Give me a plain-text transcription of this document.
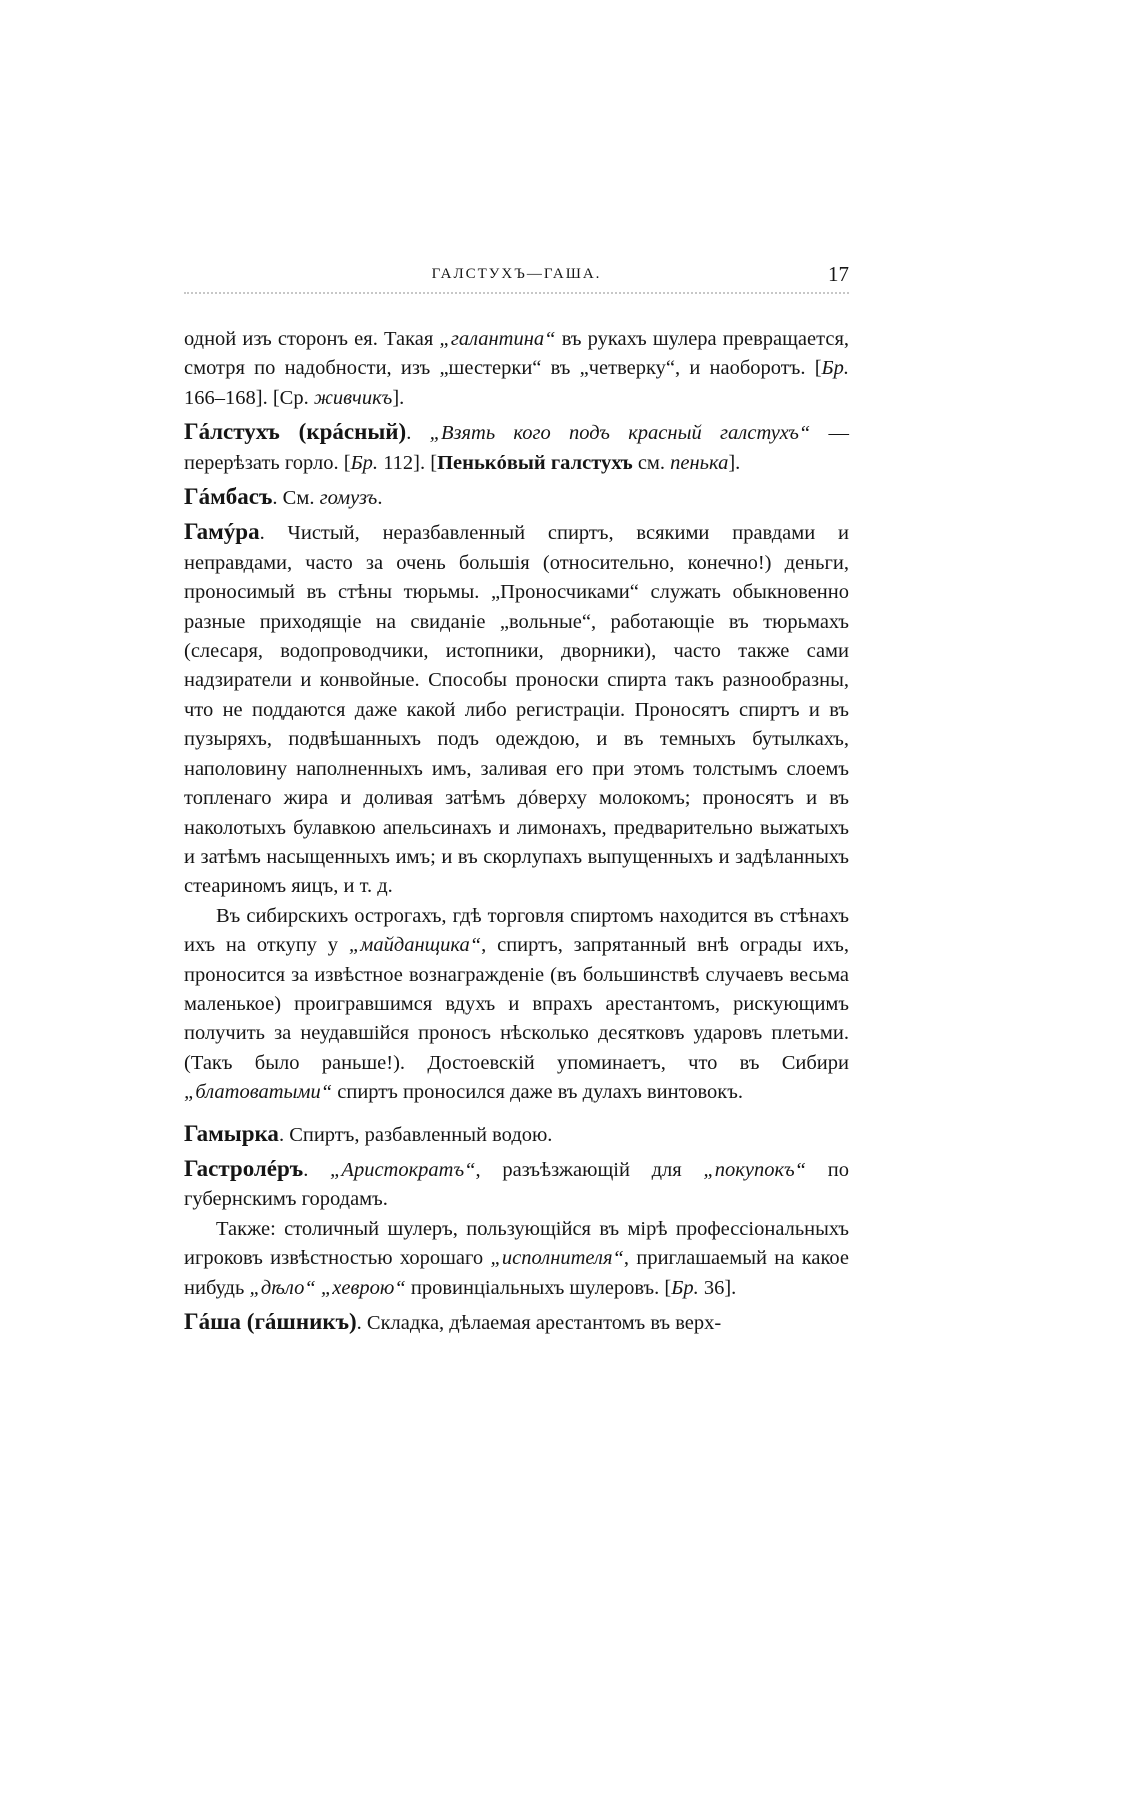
ГАЛСТУХЪ—ГАША.	17

одной изъ сторонъ ея. Такая „галантина“ въ рукахъ шулера превращается, смотря по надобности, изъ „шестерки“ въ „четверку“, и наоборотъ. [Бр. 166–168]. [Ср. живчикъ].

Гáлстухъ (крáсный). „Взять кого подъ красный галстухъ“ — перерѣзать горло. [Бр. 112]. [Пенькóвый галстухъ см. пенька].

Гáмбасъ. См. гомузъ.

Гамýра. Чистый, неразбавленный спиртъ, всякими правдами и неправдами, часто за очень большія (относительно, конечно!) деньги, проносимый въ стѣны тюрьмы. „Проносчиками“ служать обыкновенно разные приходящіе на свиданіе „вольные“, работающіе въ тюрьмахъ (слесаря, водопроводчики, истопники, дворники), часто также сами надзиратели и конвойные. Способы проноски спирта такъ разнообразны, что не поддаются даже какой либо регистраціи. Проносятъ спиртъ и въ пузыряхъ, подвѣшанныхъ подъ одеждою, и въ темныхъ бутылкахъ, наполовину наполненныхъ имъ, заливая его при этомъ толстымъ слоемъ топленаго жира и доливая затѣмъ дóверху молокомъ; проносятъ и въ наколотыхъ булавкою апельсинахъ и лимонахъ, предварительно выжатыхъ и затѣмъ насыщенныхъ имъ; и въ скорлупахъ выпущенныхъ и задѣланныхъ стеариномъ яицъ, и т. д.

Въ сибирскихъ острогахъ, гдѣ торговля спиртомъ находится въ стѣнахъ ихъ на откупу у „майданщика“, спиртъ, запрятанный внѣ ограды ихъ, проносится за извѣстное вознагражденіе (въ большинствѣ случаевъ весьма маленькое) проигравшимся вдухъ и впрахъ арестантомъ, рискующимъ получить за неудавшійся проносъ нѣсколько десятковъ ударовъ плетьми. (Такъ было раньше!). Достоевскій упоминаетъ, что въ Сибири „блатоватыми“ спиртъ проносился даже въ дулахъ винтовокъ.

Гамырка. Спиртъ, разбавленный водою.

Гастролéръ. „Аристократъ“, разъѣзжающій для „покупокъ“ по губернскимъ городамъ.

Также: столичный шулеръ, пользующійся въ мірѣ профессіональныхъ игроковъ извѣстностью хорошаго „исполнителя“, приглашаемый на какое нибудь „дѣло“ „хеврою“ провинціальныхъ шулеровъ. [Бр. 36].

Гáша (гáшникъ). Складка, дѣлаемая арестантомъ въ верх-
